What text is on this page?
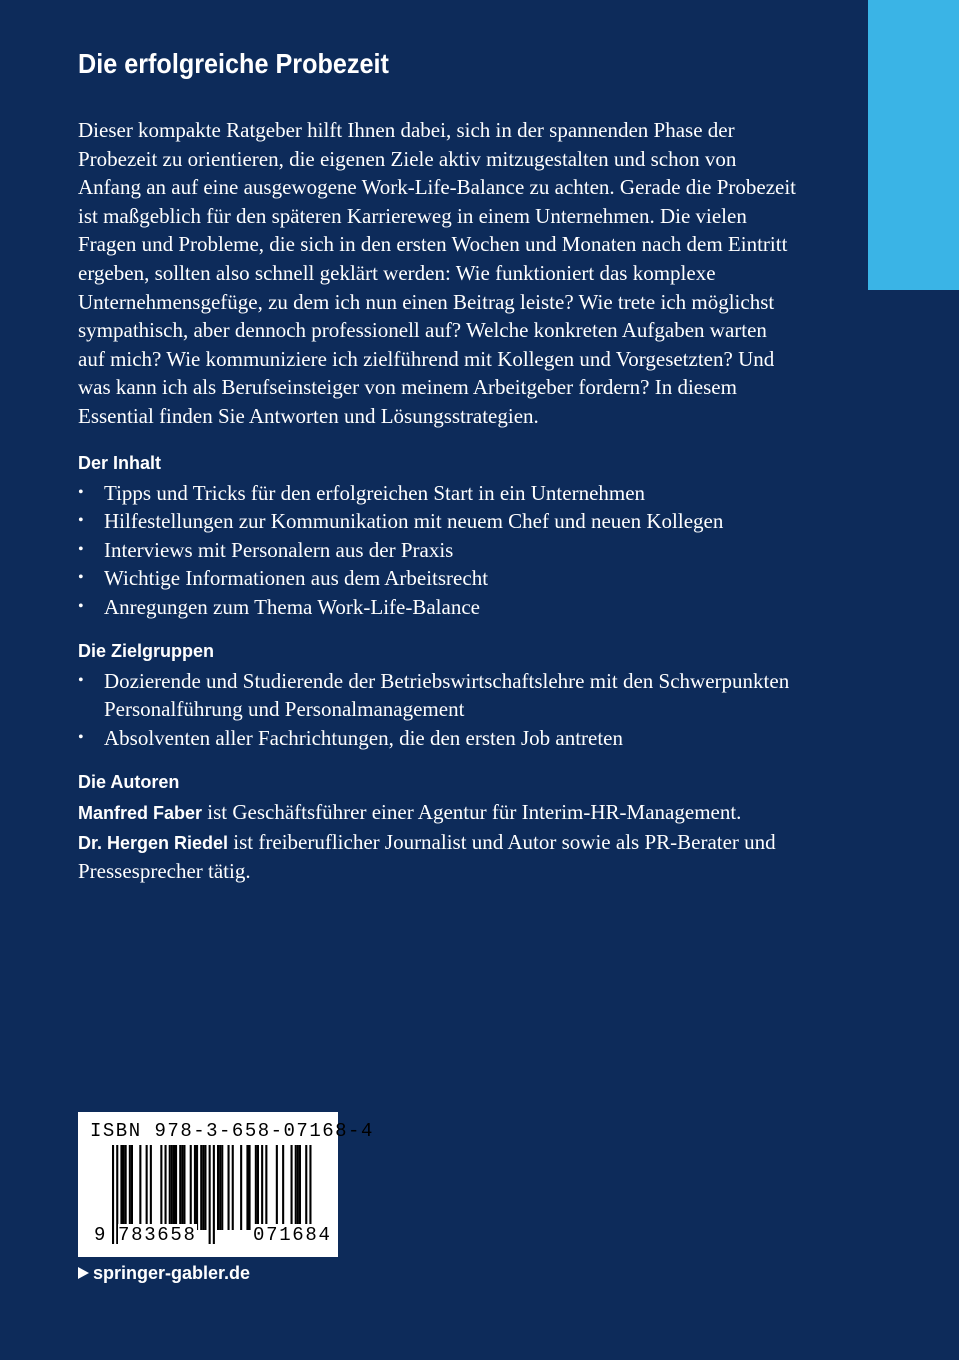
Die erfolgreiche Probezeit

Dieser kompakte Ratgeber hilft Ihnen dabei, sich in der spannenden Phase der Probezeit zu orientieren, die eigenen Ziele aktiv mitzugestalten und schon von Anfang an auf eine ausgewogene Work-Life-Balance zu achten. Gerade die Probezeit ist maßgeblich für den späteren Karriereweg in einem Unternehmen. Die vielen Fragen und Probleme, die sich in den ersten Wochen und Monaten nach dem Eintritt ergeben, sollten also schnell geklärt werden: Wie funktioniert das komplexe Unternehmensgefüge, zu dem ich nun einen Beitrag leiste? Wie trete ich möglichst sympathisch, aber dennoch professionell auf? Welche konkreten Aufgaben warten auf mich? Wie kommuniziere ich zielführend mit Kollegen und Vorgesetzten? Und was kann ich als Berufseinsteiger von meinem Arbeitgeber fordern? In diesem Essential finden Sie Antworten und Lösungsstrategien.

Der Inhalt
• Tipps und Tricks für den erfolgreichen Start in ein Unternehmen
• Hilfestellungen zur Kommunikation mit neuem Chef und neuen Kollegen
• Interviews mit Personalern aus der Praxis
• Wichtige Informationen aus dem Arbeitsrecht
• Anregungen zum Thema Work-Life-Balance
Die Zielgruppen
• Dozierende und Studierende der Betriebswirtschaftslehre mit den Schwerpunkten Personalführung und Personalmanagement
• Absolventen aller Fachrichtungen, die den ersten Job antreten
Die Autoren

Manfred Faber ist Geschäftsführer einer Agentur für Interim-HR-Management.
Dr. Hergen Riedel ist freiberuflicher Journalist und Autor sowie als PR-Berater und Pressesprecher tätig.

ISBN 978-3-658-07168-4
9 783658	071684
springer-gabler.de
